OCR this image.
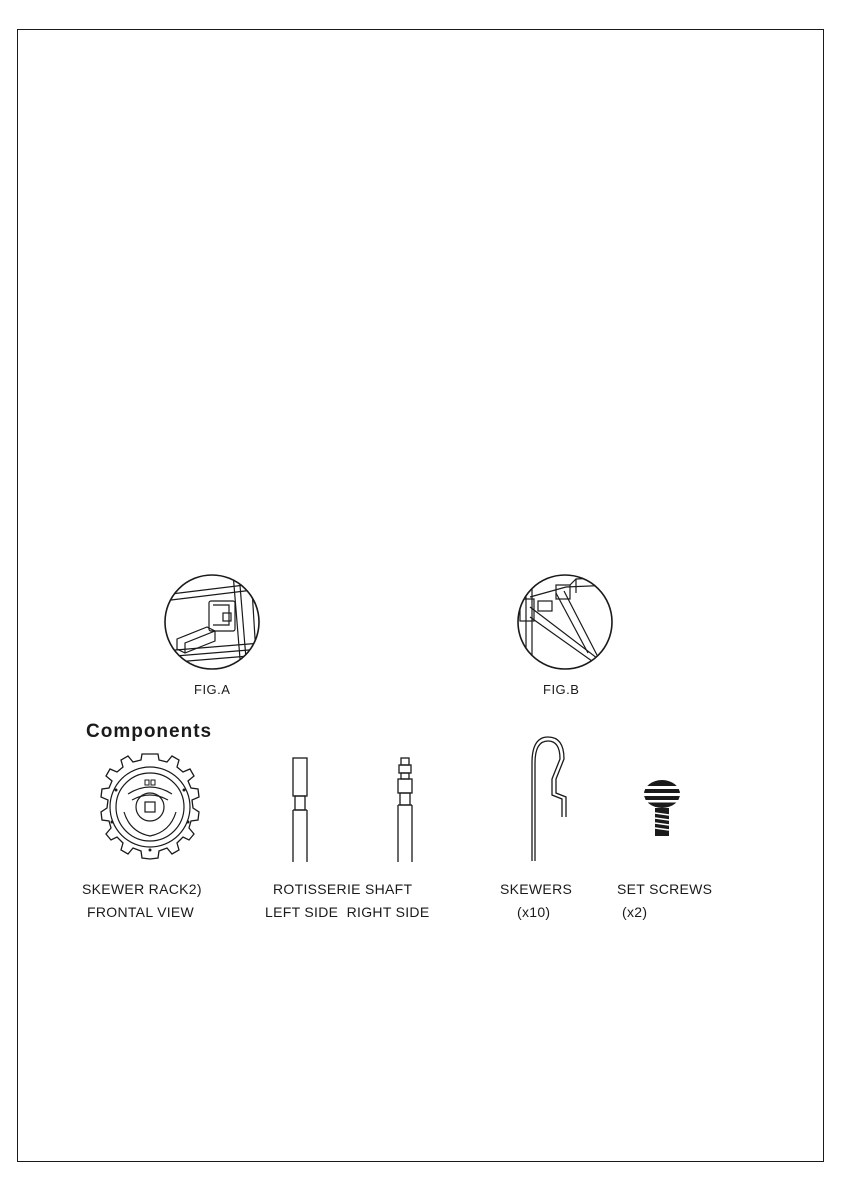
FIG.A	FIG.B
Components
SKEWER RACK2)
FRONTAL VIEW
ROTISSERIE SHAFT
LEFT SIDE  RIGHT SIDE
SKEWERS
(x10)
SET SCREWS
(x2)
